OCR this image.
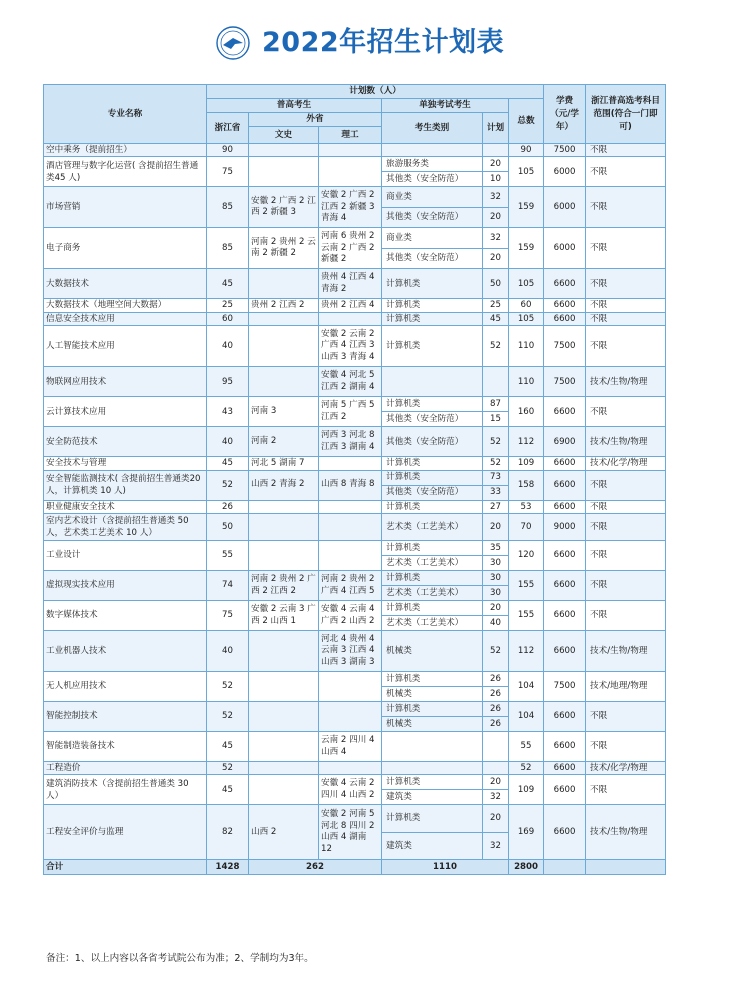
2022年招生计划表
专业名称	计划数（人）						学费（元/学年）	浙江普高选考科目范围(符合一门即可)
	普高考生			单独考试考生		总数		
	浙江省	外省		考生类别	计划			
		文史	理工					
空中乘务（提前招生）	90					90	7500	不限
酒店管理与数字化运营( 含提前招生普通类45 人)	75			旅游服务类	20	105	6000	不限
				其他类（安全防范）	10			
市场营销	85	安徽 2 广西 2 江西 2 新疆 3	安徽 2 广西 2 江西 2 新疆 3 青海 4	商业类	32	159	6000	不限
				其他类（安全防范）	20			
电子商务	85	河南 2 贵州 2 云南 2 新疆 2	河南 6 贵州 2 云南 2 广西 2 新疆 2	商业类	32	159	6000	不限
				其他类（安全防范）	20			
大数据技术	45		贵州 4 江西 4 青海 2	计算机类	50	105	6600	不限
大数据技术（地理空间大数据）	25	贵州 2 江西 2	贵州 2 江西 4	计算机类	25	60	6600	不限
信息安全技术应用	60			计算机类	45	105	6600	不限
人工智能技术应用	40		安徽 2 云南 2 广西 4 江西 3 山西 3 青海 4	计算机类	52	110	7500	不限
物联网应用技术	95		安徽 4 河北 5 江西 2 湖南 4			110	7500	技术/生物/物理
云计算技术应用	43	河南 3	河南 5 广西 5 江西 2	计算机类	87	160	6600	不限
				其他类（安全防范）	15			
安全防范技术	40	河南 2	河西 3 河北 8 江西 3 湖南 4	其他类（安全防范）	52	112	6900	技术/生物/物理
安全技术与管理	45	河北 5 湖南 7		计算机类	52	109	6600	技术/化学/物理
安全智能监测技术( 含提前招生普通类20 人，计算机类 10 人)	52	山西 2 青海 2	山西 8 青海 8	计算机类	73	158	6600	不限
				其他类（安全防范）	33			
职业健康安全技术	26			计算机类	27	53	6600	不限
室内艺术设计（含提前招生普通类 50 人，艺术类工艺美术 10 人）	50			艺术类（工艺美术）	20	70	9000	不限
工业设计	55			计算机类	35	120	6600	不限
				艺术类（工艺美术）	30			
虚拟现实技术应用	74	河南 2 贵州 2 广西 2 江西 2	河南 2 贵州 2 广西 4 江西 5	计算机类	30	155	6600	不限
				艺术类（工艺美术）	30			
数字媒体技术	75	安徽 2 云南 3 广西 2 山西 1	安徽 4 云南 4 广西 2 山西 2	计算机类	20	155	6600	不限
				艺术类（工艺美术）	40			
工业机器人技术	40		河北 4 贵州 4 云南 3 江西 4 山西 3 湖南 3	机械类	52	112	6600	技术/生物/物理
无人机应用技术	52			计算机类	26	104	7500	技术/地理/物理
				机械类	26			
智能控制技术	52			计算机类	26	104	6600	不限
				机械类	26			
智能制造装备技术	45		云南 2 四川 4 山西 4			55	6600	不限
工程造价	52					52	6600	技术/化学/物理
建筑消防技术（含提前招生普通类 30 人）	45		安徽 4 云南 2 四川 4 山西 2	计算机类	20	109	6600	不限
				建筑类	32			
工程安全评价与监理	82	山西 2	安徽 2 河南 5 河北 8 四川 2 山西 4 湖南 12	计算机类	20	169	6600	技术/生物/物理
				建筑类	32			
合计	1428	262		1110		2800		
备注：1、以上内容以各省考试院公布为准；2、学制均为3年。
